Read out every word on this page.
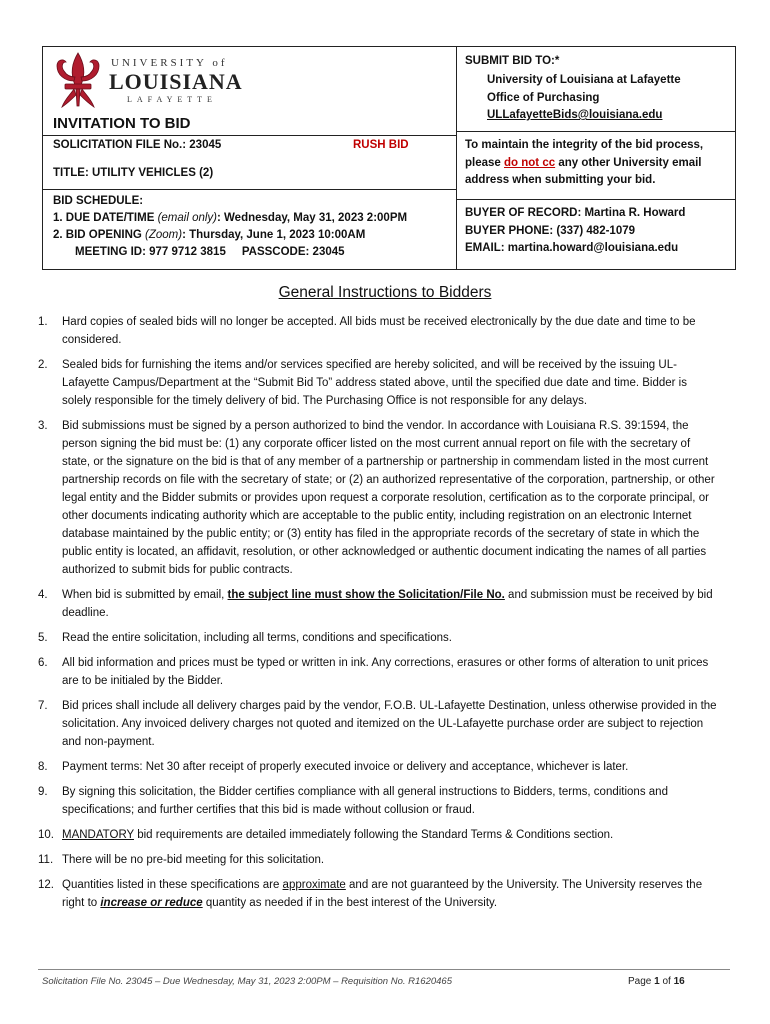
UNIVERSITY of
LOUISIANA
LAFAYETTE
INVITATION TO BID
SOLICITATION FILE No.: 23045	RUSH BID
TITLE: UTILITY VEHICLES (2)
BID SCHEDULE:
1. DUE DATE/TIME (email only): Wednesday, May 31, 2023 2:00PM
2. BID OPENING (Zoom): Thursday, June 1, 2023 10:00AM
MEETING ID: 977 9712 3815 PASSCODE: 23045
SUBMIT BID TO:*
University of Louisiana at Lafayette
Office of Purchasing
ULLafayetteBids@louisiana.edu
To maintain the integrity of the bid process, please do not cc any other University email address when submitting your bid.
BUYER OF RECORD: Martina R. Howard
BUYER PHONE: (337) 482-1079
EMAIL: martina.howard@louisiana.edu
General Instructions to Bidders
1.	Hard copies of sealed bids will no longer be accepted. All bids must be received electronically by the due date and time to be considered.
2.	Sealed bids for furnishing the items and/or services specified are hereby solicited, and will be received by the issuing UL-Lafayette Campus/Department at the “Submit Bid To” address stated above, until the specified due date and time. Bidder is solely responsible for the timely delivery of bid. The Purchasing Office is not responsible for any delays.
3.	Bid submissions must be signed by a person authorized to bind the vendor. In accordance with Louisiana R.S. 39:1594, the person signing the bid must be: (1) any corporate officer listed on the most current annual report on file with the secretary of state, or the signature on the bid is that of any member of a partnership or partnership in commendam listed in the most current partnership records on file with the secretary of state; or (2) an authorized representative of the corporation, partnership, or other legal entity and the Bidder submits or provides upon request a corporate resolution, certification as to the corporate principal, or other documents indicating authority which are acceptable to the public entity, including registration on an electronic Internet database maintained by the public entity; or (3) entity has filed in the appropriate records of the secretary of state in which the public entity is located, an affidavit, resolution, or other acknowledged or authentic document indicating the names of all parties authorized to submit bids for public contracts.
4.	When bid is submitted by email, the subject line must show the Solicitation/File No. and submission must be received by bid deadline.
5.	Read the entire solicitation, including all terms, conditions and specifications.
6.	All bid information and prices must be typed or written in ink. Any corrections, erasures or other forms of alteration to unit prices are to be initialed by the Bidder.
7.	Bid prices shall include all delivery charges paid by the vendor, F.O.B. UL-Lafayette Destination, unless otherwise provided in the solicitation. Any invoiced delivery charges not quoted and itemized on the UL-Lafayette purchase order are subject to rejection and non-payment.
8.	Payment terms: Net 30 after receipt of properly executed invoice or delivery and acceptance, whichever is later.
9.	By signing this solicitation, the Bidder certifies compliance with all general instructions to Bidders, terms, conditions and specifications; and further certifies that this bid is made without collusion or fraud.
10. MANDATORY bid requirements are detailed immediately following the Standard Terms & Conditions section.
11. There will be no pre-bid meeting for this solicitation.
12. Quantities listed in these specifications are approximate and are not guaranteed by the University. The University reserves the right to increase or reduce quantity as needed if in the best interest of the University.
Solicitation File No. 23045 – Due Wednesday, May 31, 2023 2:00PM – Requisition No. R1620465	Page 1 of 16
